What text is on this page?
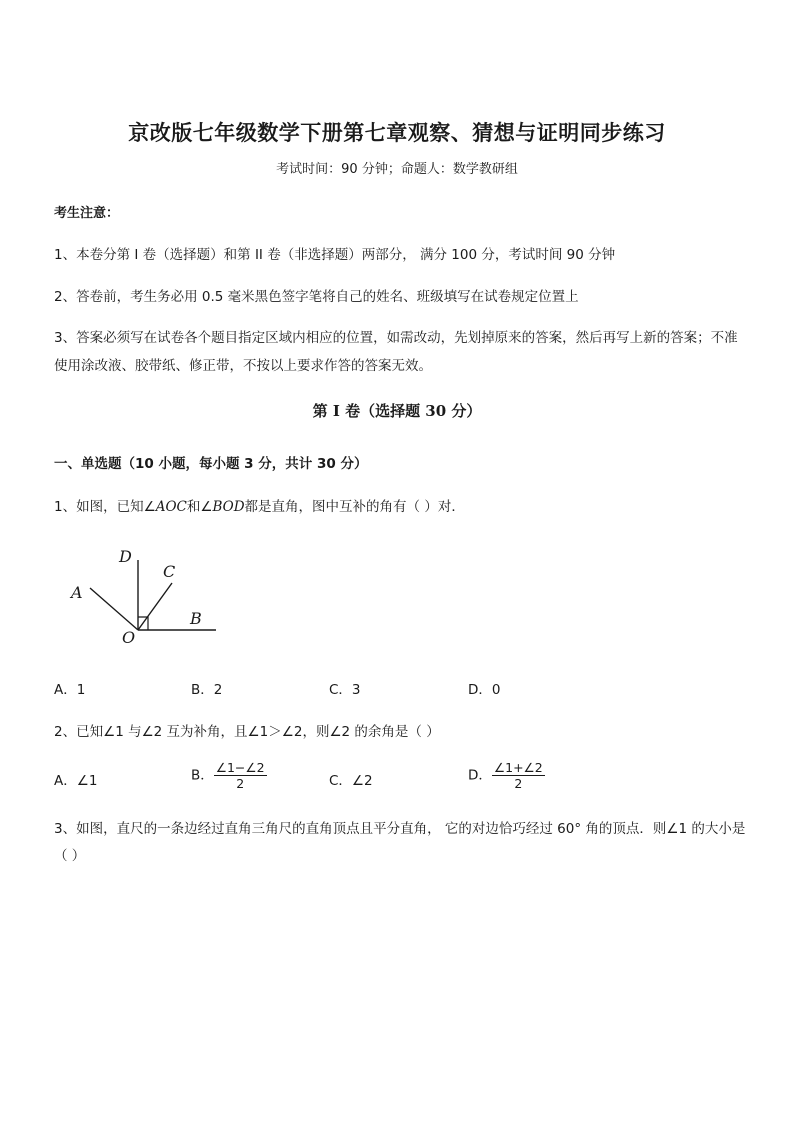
京改版七年级数学下册第七章观察、猜想与证明同步练习
考试时间：90 分钟；命题人：数学教研组
考生注意：
1、本卷分第 I 卷（选择题）和第 II 卷（非选择题）两部分， 满分 100 分，考试时间 90 分钟
2、答卷前，考生务必用 0.5 毫米黑色签字笔将自己的姓名、班级填写在试卷规定位置上
3、答案必须写在试卷各个题目指定区域内相应的位置，如需改动，先划掉原来的答案，然后再写上新的答案；不准使用涂改液、胶带纸、修正带，不按以上要求作答的答案无效。
第 I 卷（选择题 30 分）
一、单选题（10 小题，每小题 3 分，共计 30 分）
1、如图，已知∠AOC和∠BOD都是直角，图中互补的角有（ ）对．
D
C
A
B
O
A．1	B．2	C．3	D．0
2、已知∠1 与∠2 互为补角，且∠1＞∠2，则∠2 的余角是（ ）
A．∠1	B． $\frac{\angle 1-\angle 2}{2}$	C．∠2	D． $\frac{\angle 1+\angle 2}{2}$
3、如图，直尺的一条边经过直角三角尺的直角顶点且平分直角， 它的对边恰巧经过 60° 角的顶点．则∠1 的大小是（ ）
